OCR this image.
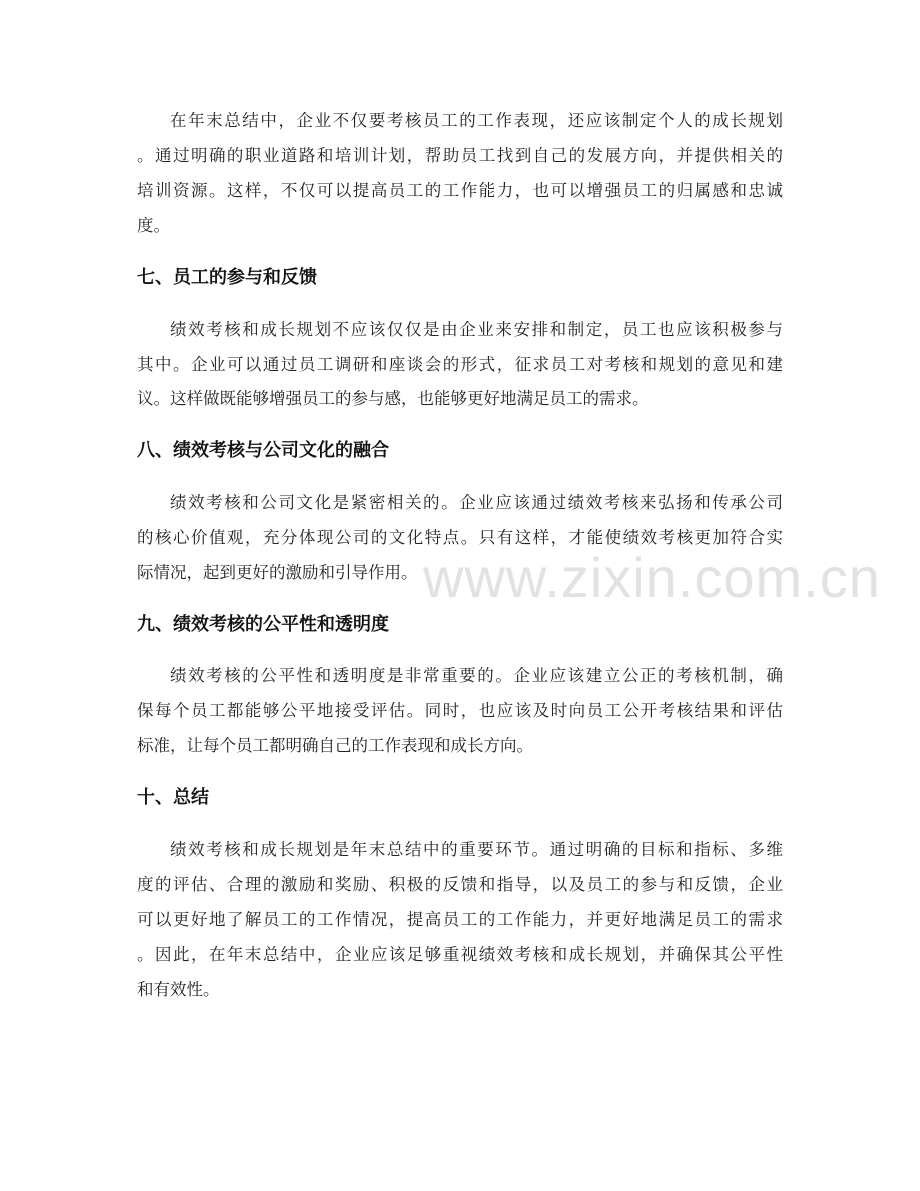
在年末总结中，企业不仅要考核员工的工作表现，还应该制定个人的成长规划
。通过明确的职业道路和培训计划，帮助员工找到自己的发展方向，并提供相关的
培训资源。这样，不仅可以提高员工的工作能力，也可以增强员工的归属感和忠诚
度。
七、员工的参与和反馈
绩效考核和成长规划不应该仅仅是由企业来安排和制定，员工也应该积极参与
其中。企业可以通过员工调研和座谈会的形式，征求员工对考核和规划的意见和建
议。这样做既能够增强员工的参与感，也能够更好地满足员工的需求。
八、绩效考核与公司文化的融合
绩效考核和公司文化是紧密相关的。企业应该通过绩效考核来弘扬和传承公司
的核心价值观，充分体现公司的文化特点。只有这样，才能使绩效考核更加符合实
际情况，起到更好的激励和引导作用。
九、绩效考核的公平性和透明度
绩效考核的公平性和透明度是非常重要的。企业应该建立公正的考核机制，确
保每个员工都能够公平地接受评估。同时，也应该及时向员工公开考核结果和评估
标准，让每个员工都明确自己的工作表现和成长方向。
十、总结
绩效考核和成长规划是年末总结中的重要环节。通过明确的目标和指标、多维
度的评估、合理的激励和奖励、积极的反馈和指导，以及员工的参与和反馈，企业
可以更好地了解员工的工作情况，提高员工的工作能力，并更好地满足员工的需求
。因此，在年末总结中，企业应该足够重视绩效考核和成长规划，并确保其公平性
和有效性。
www.zixin.com.cn
